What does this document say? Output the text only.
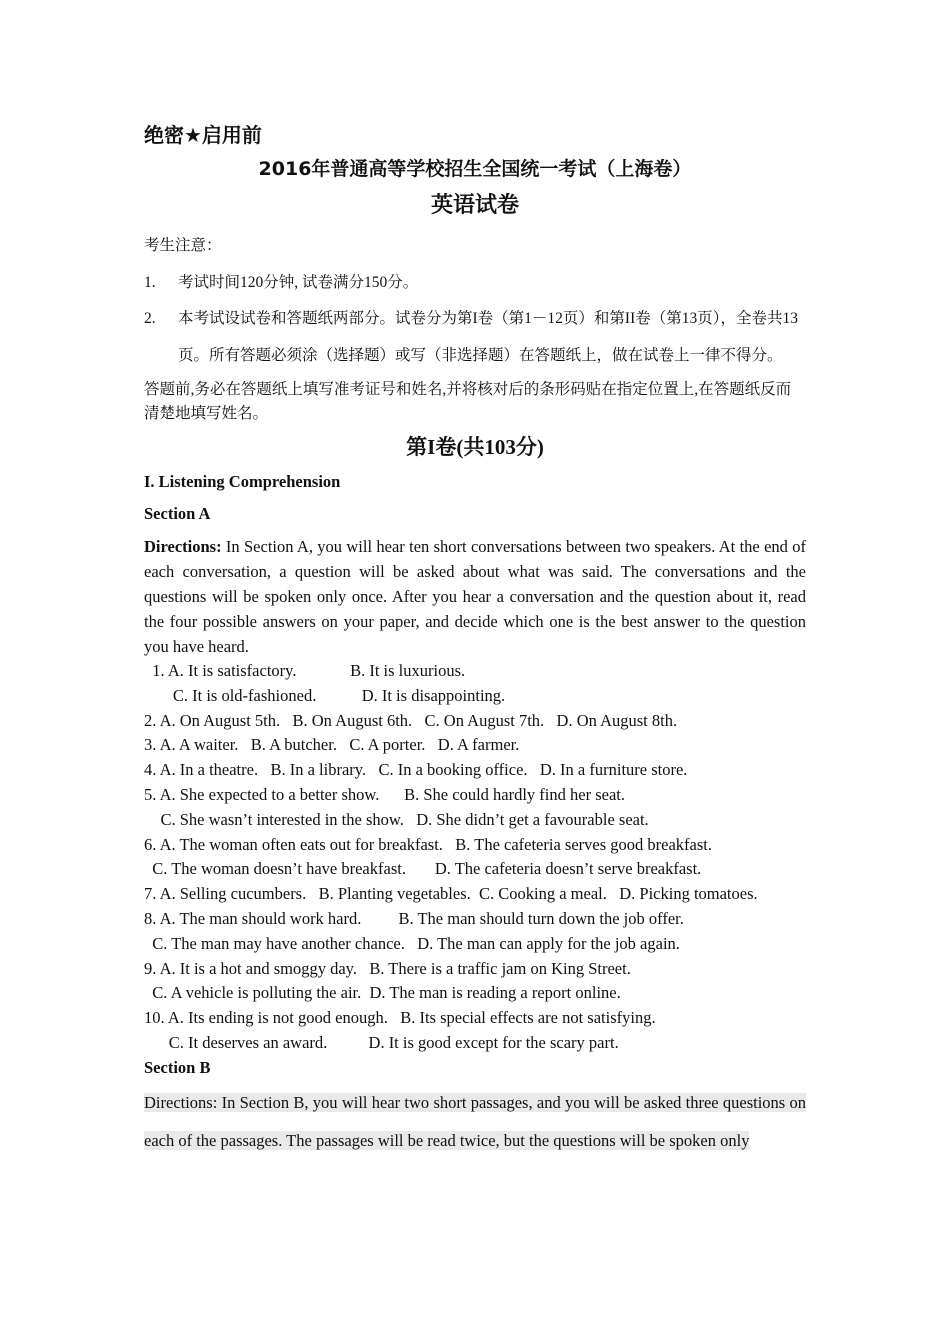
绝密★启用前

2016年普通高等学校招生全国统一考试（上海卷）

英语试卷

考生注意：

1. 考试时间120分钟, 试卷满分150分。
2. 本考试设试卷和答题纸两部分。试卷分为第I卷（第1－12页）和第II卷（第13页），全卷共13页。所有答题必须涂（选择题）或写（非选择题）在答题纸上，做在试卷上一律不得分。

答题前,务必在答题纸上填写准考证号和姓名,并将核对后的条形码贴在指定位置上,在答题纸反而清楚地填写姓名。

第I卷(共103分)

I. Listening Comprehension

Section A

Directions: In Section A, you will hear ten short conversations between two speakers. At the end of each conversation, a question will be asked about what was said. The conversations and the questions will be spoken only once. After you hear a conversation and the question about it, read the four possible answers on your paper, and decide which one is the best answer to the question you have heard.

1. A. It is satisfactory.             B. It is luxurious.

C. It is old-fashioned.           D. It is disappointing.

2. A. On August 5th.   B. On August 6th.   C. On August 7th.   D. On August 8th.

3. A. A waiter.   B. A butcher.   C. A porter.   D. A farmer.

4. A. In a theatre.   B. In a library.   C. In a booking office.   D. In a furniture store.

5. A. She expected to a better show.      B. She could hardly find her seat.

C. She wasn’t interested in the show.   D. She didn’t get a favourable seat.

6. A. The woman often eats out for breakfast.   B. The cafeteria serves good breakfast.

C. The woman doesn’t have breakfast.       D. The cafeteria doesn’t serve breakfast.

7. A. Selling cucumbers.   B. Planting vegetables.  C. Cooking a meal.   D. Picking tomatoes.

8. A. The man should work hard.         B. The man should turn down the job offer.

C. The man may have another chance.   D. The man can apply for the job again.

9. A. It is a hot and smoggy day.   B. There is a traffic jam on King Street.

C. A vehicle is polluting the air.  D. The man is reading a report online.

10. A. Its ending is not good enough.   B. Its special effects are not satisfying.

C. It deserves an award.          D. It is good except for the scary part.

Section B

Directions: In Section B, you will hear two short passages, and you will be asked three questions on each of the passages. The passages will be read twice, but the questions will be spoken only
